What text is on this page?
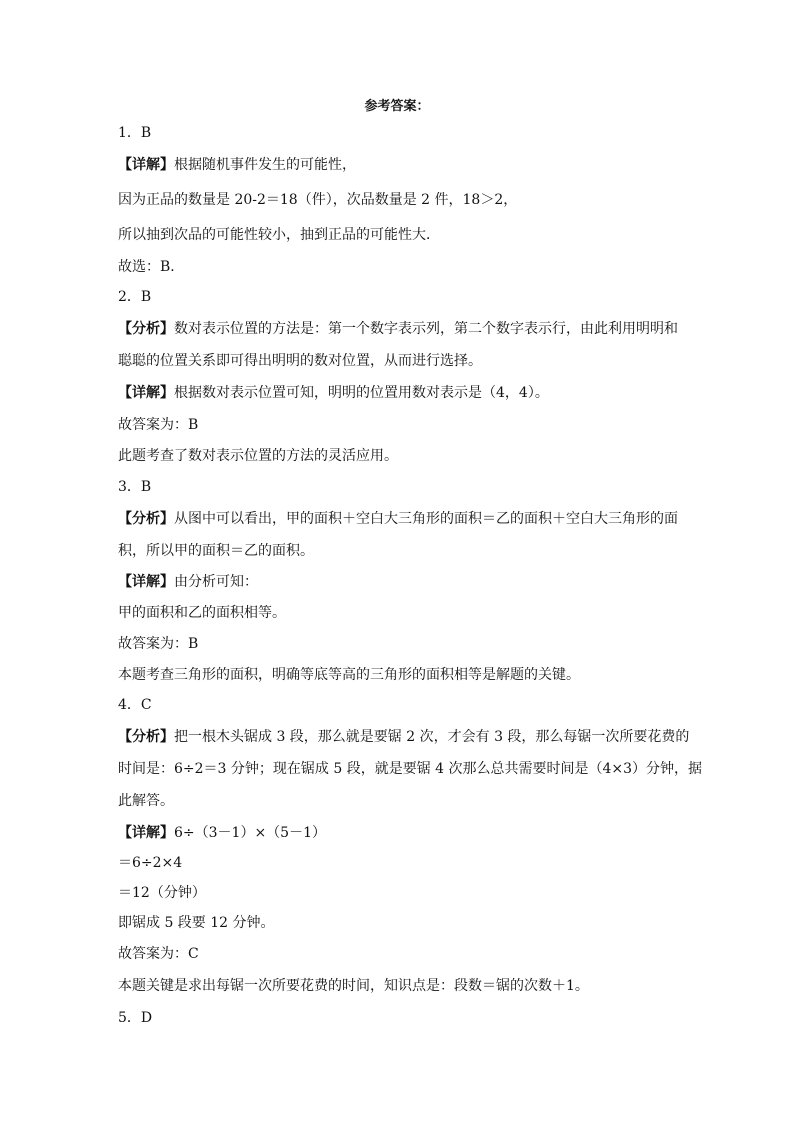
参考答案：
1．B
【详解】根据随机事件发生的可能性，
因为正品的数量是 20-2＝18（件），次品数量是 2 件，18＞2，
所以抽到次品的可能性较小，抽到正品的可能性大．
故选：B．
2．B
【分析】数对表示位置的方法是：第一个数字表示列，第二个数字表示行，由此利用明明和
聪聪的位置关系即可得出明明的数对位置，从而进行选择。
【详解】根据数对表示位置可知，明明的位置用数对表示是（4，4）。
故答案为：B
此题考查了数对表示位置的方法的灵活应用。
3．B
【分析】从图中可以看出，甲的面积＋空白大三角形的面积＝乙的面积＋空白大三角形的面
积，所以甲的面积＝乙的面积。
【详解】由分析可知：
甲的面积和乙的面积相等。
故答案为：B
本题考查三角形的面积，明确等底等高的三角形的面积相等是解题的关键。
4．C
【分析】把一根木头锯成 3 段，那么就是要锯 2 次，才会有 3 段，那么每锯一次所要花费的
时间是：6÷2＝3 分钟；现在锯成 5 段，就是要锯 4 次那么总共需要时间是（4×3）分钟，据
此解答。
【详解】6÷（3－1）×（5－1）
＝6÷2×4
＝12（分钟）
即锯成 5 段要 12 分钟。
故答案为：C
本题关键是求出每锯一次所要花费的时间，知识点是：段数＝锯的次数＋1。
5．D
